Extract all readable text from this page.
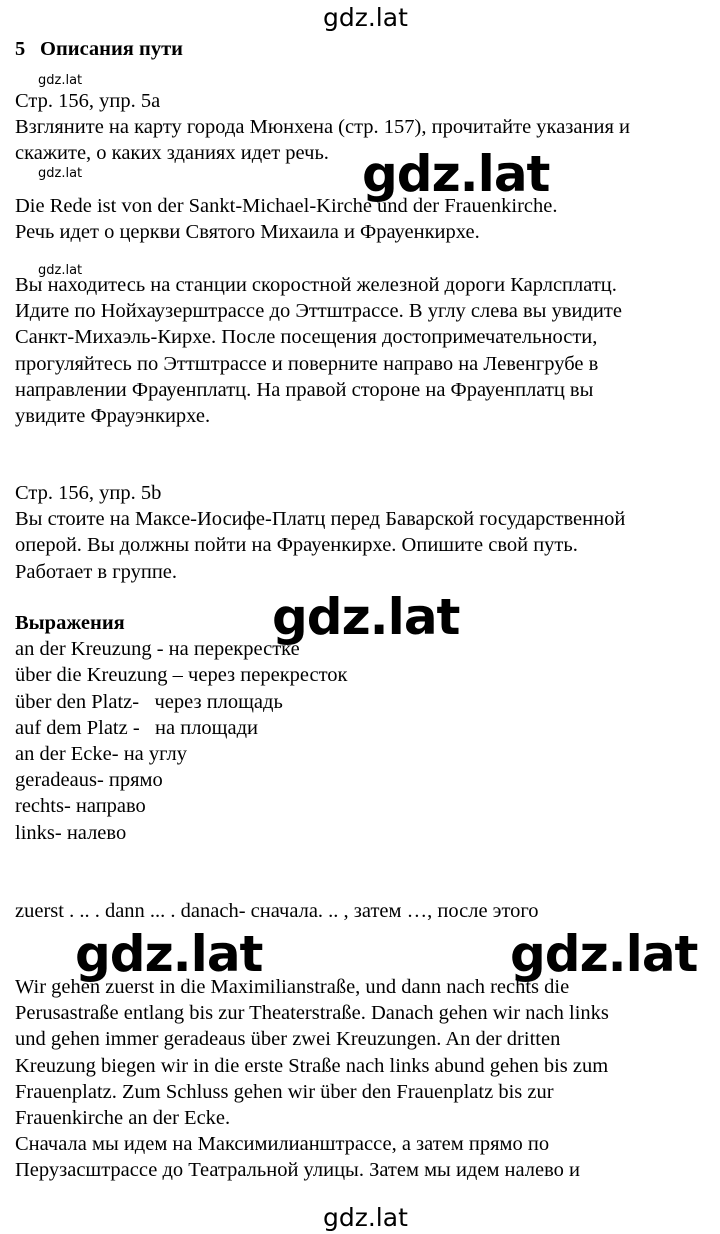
gdz.lat
5 Описания пути
gdz.lat
Стр. 156, упр. 5а
Взгляните на карту города Мюнхена (стр. 157), прочитайте указания и
скажите, о каких зданиях идет речь.
gdz.lat	gdz.lat
Die Rede ist von der Sankt-Michael-Kirche und der Frauenkirche.
Речь идет о церкви Святого Михаила и Фрауенкирхе.
gdz.lat
Вы находитесь на станции скоростной железной дороги Карлсплатц.
Идите по Нойхаузерштрассе до Эттштрассе. В углу слева вы увидите
Санкт-Михаэль-Кирхе. После посещения достопримечательности,
прогуляйтесь по Эттштрассе и поверните направо на Левенгрубе в
направлении Фрауенплатц. На правой стороне на Фрауенплатц вы
увидите Фрауэнкирхе.
Стр. 156, упр. 5b
Вы стоите на Максе-Иосифе-Платц перед Баварской государственной
оперой. Вы должны пойти на Фрауенкирхе. Опишите свой путь.
Работает в группе.
gdz.lat
Выражения
an der Kreuzung - на перекрестке
über die Kreuzung – через перекресток
über den Platz-   через площадь
auf dem Platz -   на площади
an der Ecke- на углу
geradeaus- прямо
rechts- направо
links- налево
zuerst . .. . dann ... . danach- сначала. .. , затем …, после этого
gdz.lat	gdz.lat
Wir gehen zuerst in die Maximilianstraße, und dann nach rechts die
Perusastraße entlang bis zur Theaterstraße. Danach gehen wir nach links
und gehen immer geradeaus über zwei Kreuzungen. An der dritten
Kreuzung biegen wir in die erste Straße nach links abund gehen bis zum
Frauenplatz. Zum Schluss gehen wir über den Frauenplatz bis zur
Frauenkirche an der Ecke.
Сначала мы идем на Максимилианштрассе, а затем прямо по
Перузасштрассе до Театральной улицы. Затем мы идем налево и
gdz.lat
